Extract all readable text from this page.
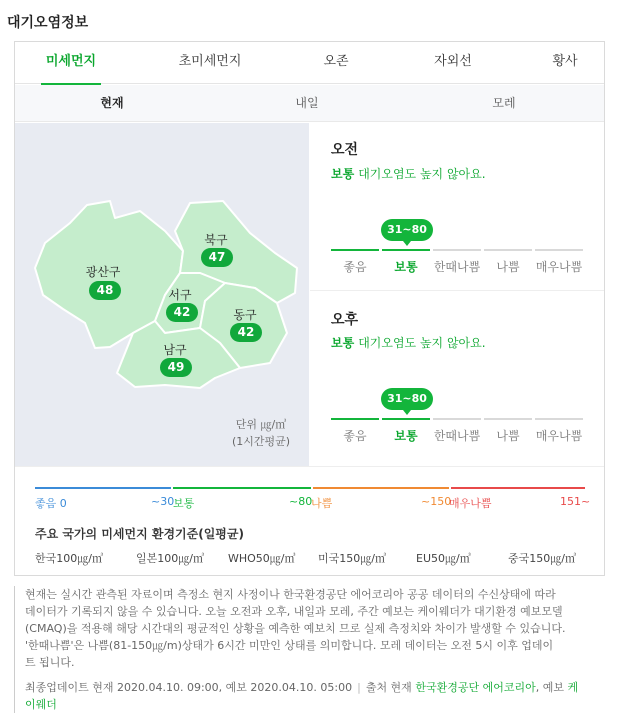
대기오염정보
미세먼지	초미세먼지	오존	자외선	황사
현재	내일	모레
북구
47
광산구
48	서구
42	동구
42
남구
49
단위 ㎍/㎥
(1시간평균)
오전
보통 대기오염도 높지 않아요.
31~80
좋음	보통	한때나쁨	나쁨	매우나쁨
오후
보통 대기오염도 높지 않아요.
31~80
좋음	보통	한때나쁨	나쁨	매우나쁨
좋음 0	~30
보통	~80
나쁨	~150
매우나쁨	151~
주요 국가의 미세먼지 환경기준(일평균)
한국100㎍/㎥	일본100㎍/㎥ WHO50㎍/㎥ 미국150㎍/㎥	EU50㎍/㎥	중국150㎍/㎥
현재는 실시간 관측된 자료이며 측정소 현지 사정이나 한국환경공단 에어코리아 공공 데이터의 수신상태에 따라
데이터가 기록되지 않을 수 있습니다. 오늘 오전과 오후, 내일과 모레, 주간 예보는 케이웨더가 대기환경 예보모델
(CMAQ)을 적용해 해당 시간대의 평균적인 상황을 예측한 예보치 므로 실제 측정치와 차이가 발생할 수 있습니다.
'한때나쁨'은 나쁨(81-150㎍/m)상태가 6시간 미만인 상태를 의미합니다. 모레 데이터는 오전 5시 이후 업데이
트 됩니다.
최종업데이트 현재 2020.04.10. 09:00, 예보 2020.04.10. 05:00 | 출처 현재 한국환경공단 에어코리아, 예보 케
이웨더
